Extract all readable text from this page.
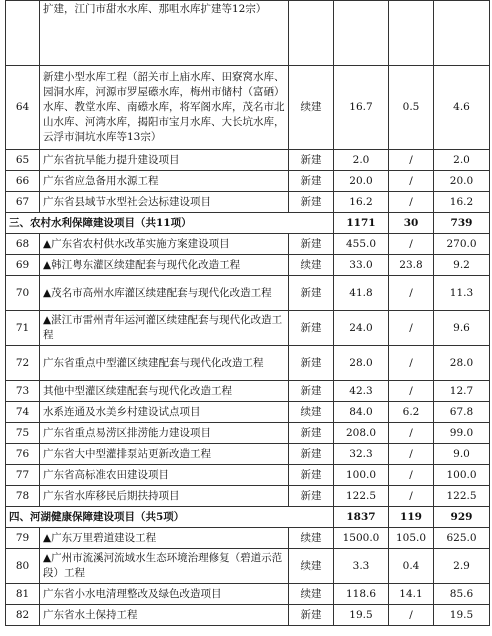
	扩建，江门市甜水水库、那咀水库扩建等12宗）				
64	新建小型水库工程（韶关市上庙水库、田寮窝水库、园洞水库，河源市罗屋礤水库，梅州市储村（富硒）水库、教堂水库、南礤水库，将军阁水库，茂名市北山水库、河湾水库，揭阳市宝月水库、大长坑水库，云浮市洞坑水库等13宗）	续建	16.7	0.5	4.6
65	广东省抗旱能力提升建设项目	新建	2.0	/	2.0
66	广东省应急备用水源工程	新建	20.0	/	20.0
67	广东省县域节水型社会达标建设项目	新建	16.2	/	16.2
三、农村水利保障建设项目（共11项）			1171	30	739
68	▲广东省农村供水改革实施方案建设项目	新建	455.0	/	270.0
69	▲韩江粤东灌区续建配套与现代化改造工程	续建	33.0	23.8	9.2
70	▲茂名市高州水库灌区续建配套与现代化改造工程	新建	41.8	/	11.3
71	▲湛江市雷州青年运河灌区续建配套与现代化改造工程	新建	24.0	/	9.6
72	广东省重点中型灌区续建配套与现代化改造工程	新建	28.0	/	28.0
73	其他中型灌区续建配套与现代化改造工程	新建	42.3	/	12.7
74	水系连通及水美乡村建设试点项目	续建	84.0	6.2	67.8
75	广东省重点易涝区排涝能力建设项目	新建	208.0	/	99.0
76	广东省大中型灌排泵站更新改造工程	新建	32.3	/	9.0
77	广东省高标准农田建设项目	新建	100.0	/	100.0
78	广东省水库移民后期扶持项目	新建	122.5	/	122.5
四、河湖健康保障建设项目（共5项）			1837	119	929
79	▲广东万里碧道建设工程	续建	1500.0	105.0	625.0
80	▲广州市流溪河流域水生态环境治理修复（碧道示范段）工程	续建	3.3	0.4	2.9
81	广东省小水电清理整改及绿色改造项目	续建	118.6	14.1	85.6
82	广东省水土保持工程	新建	19.5	/	19.5
